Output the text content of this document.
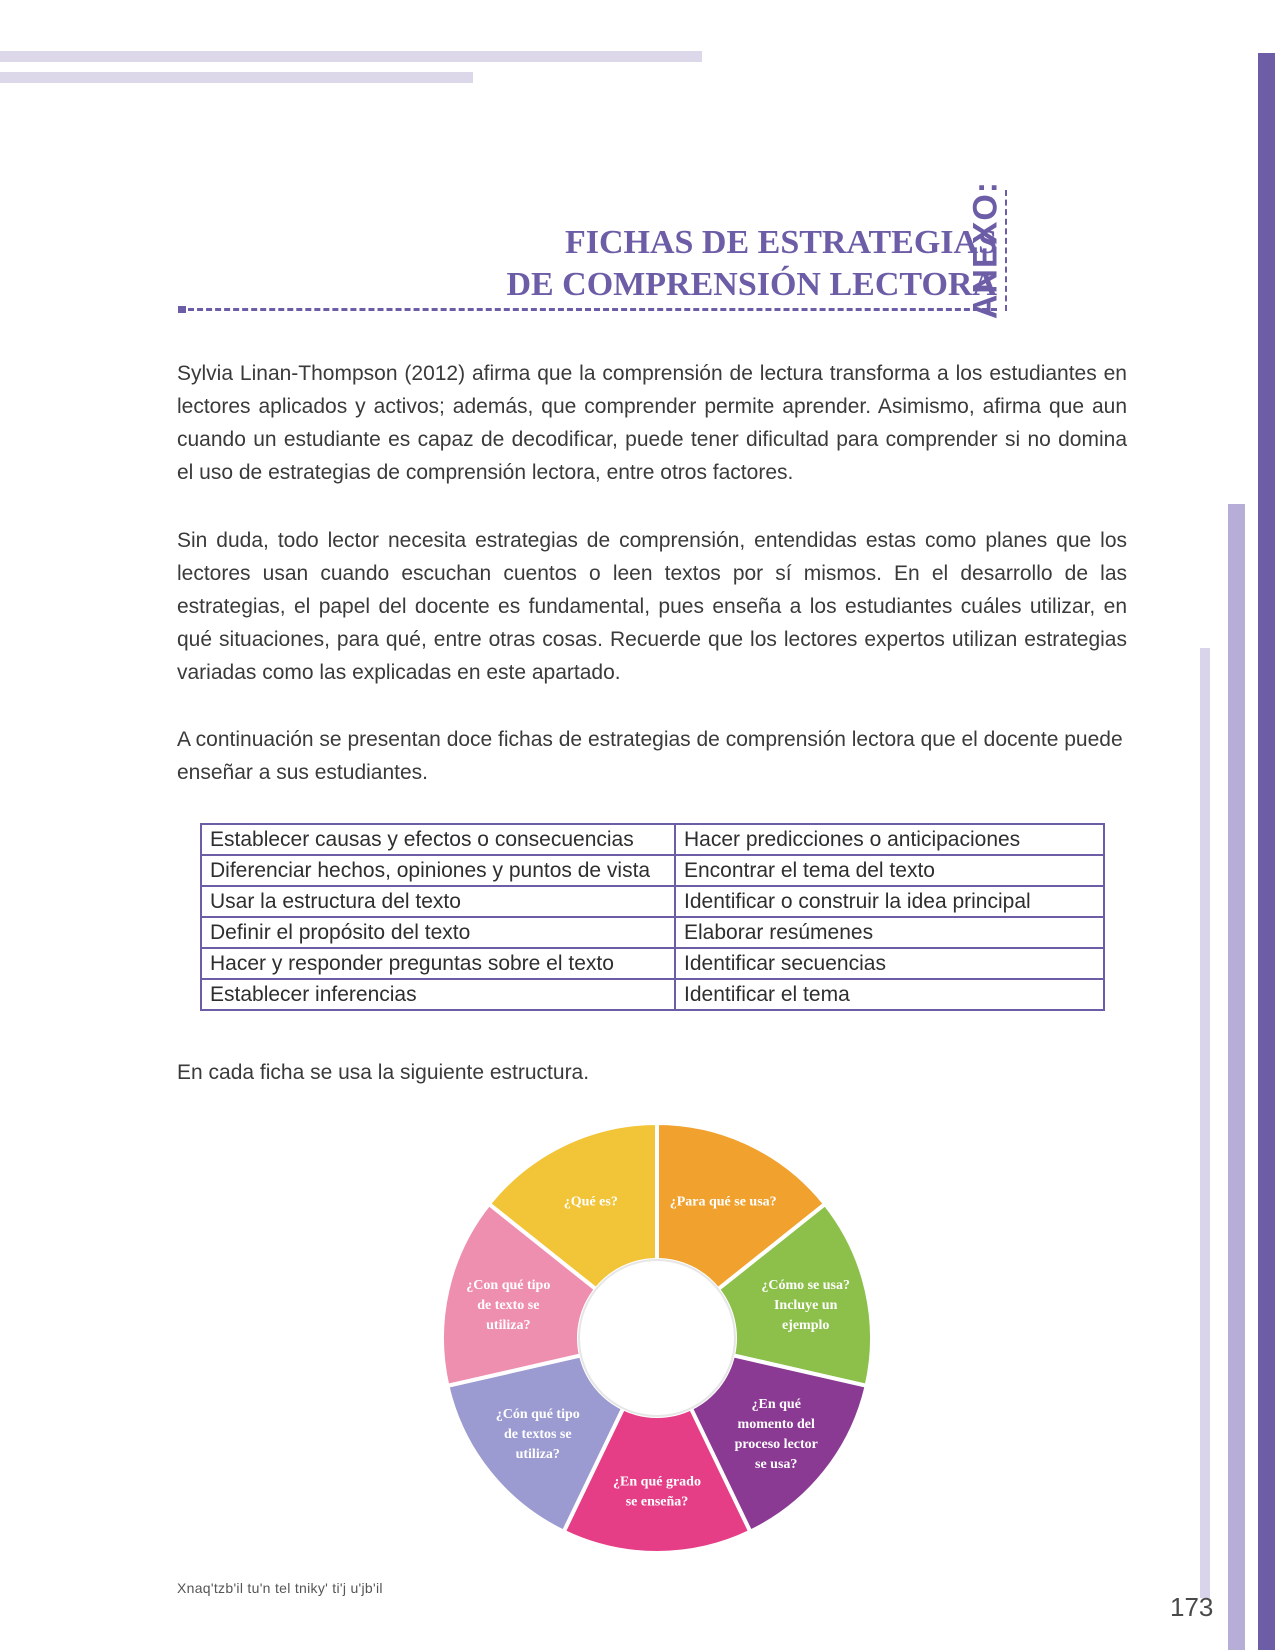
FICHAS DE ESTRATEGIAS
DE COMPRENSIÓN LECTORA
ANEXO:

Sylvia Linan-Thompson (2012) afirma que la comprensión de lectura transforma a los estudiantes en lectores aplicados y activos; además, que comprender permite aprender. Asimismo, afirma que aun cuando un estudiante es capaz de decodificar, puede tener dificultad para comprender si no domina el uso de estrategias de comprensión lectora, entre otros factores.

Sin duda, todo lector necesita estrategias de comprensión, entendidas estas como planes que los lectores usan cuando escuchan cuentos o leen textos por sí mismos. En el desarrollo de las estrategias, el papel del docente es fundamental, pues enseña a los estudiantes cuáles utilizar, en qué situaciones, para qué, entre otras cosas. Recuerde que los lectores expertos utilizan estrategias variadas como las explicadas en este apartado.

A continuación se presentan doce fichas de estrategias de comprensión lectora que el docente puede enseñar a sus estudiantes.

Establecer causas y efectos o consecuencias	Hacer predicciones o anticipaciones
Diferenciar hechos, opiniones y puntos de vista	Encontrar el tema del texto
Usar la estructura del texto	Identificar o construir la idea principal
Definir el propósito del texto	Elaborar resúmenes
Hacer y responder preguntas sobre el texto	Identificar secuencias
Establecer inferencias	Identificar el tema
En cada ficha se usa la siguiente estructura.
¿Qué es?	¿Para qué se usa?
¿Cómo se usa? Incluye un ejemplo
¿En qué momento del proceso lector se usa?
¿En qué grado se enseña?
¿Cón qué tipo de textos se utiliza?
¿Con qué tipo de texto se utiliza?
Xnaq'tzb'il tu'n tel tniky' ti'j u'jb'il
173
